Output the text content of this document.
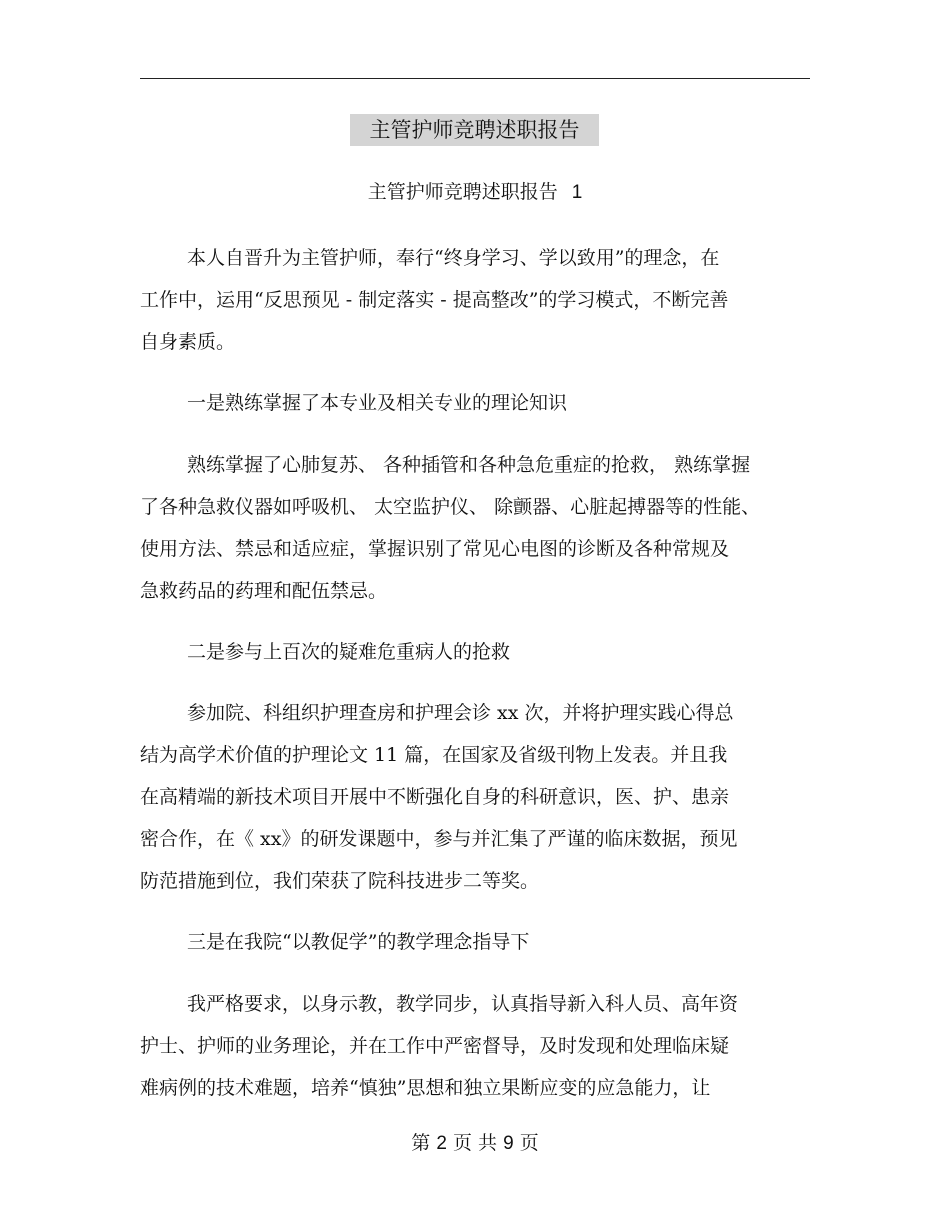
主管护师竞聘述职报告
主管护师竞聘述职报告 1
本人自晋升为主管护师，奉行“终身学习、学以致用”的理念，在
工作中，运用“反思预见 - 制定落实 - 提高整改”的学习模式，不断完善
自身素质。
一是熟练掌握了本专业及相关专业的理论知识
熟练掌握了心肺复苏、 各种插管和各种急危重症的抢救， 熟练掌握
了各种急救仪器如呼吸机、 太空监护仪、 除颤器、心脏起搏器等的性能、
使用方法、禁忌和适应症，掌握识别了常见心电图的诊断及各种常规及
急救药品的药理和配伍禁忌。
二是参与上百次的疑难危重病人的抢救
参加院、科组织护理查房和护理会诊 xx 次，并将护理实践心得总
结为高学术价值的护理论文 11 篇，在国家及省级刊物上发表。并且我
在高精端的新技术项目开展中不断强化自身的科研意识，医、护、患亲
密合作，在《 xx》的研发课题中，参与并汇集了严谨的临床数据，预见
防范措施到位，我们荣获了院科技进步二等奖。
三是在我院“以教促学”的教学理念指导下
我严格要求，以身示教，教学同步，认真指导新入科人员、高年资
护士、护师的业务理论，并在工作中严密督导，及时发现和处理临床疑
难病例的技术难题，培养“慎独”思想和独立果断应变的应急能力，让
第 2 页 共 9 页
